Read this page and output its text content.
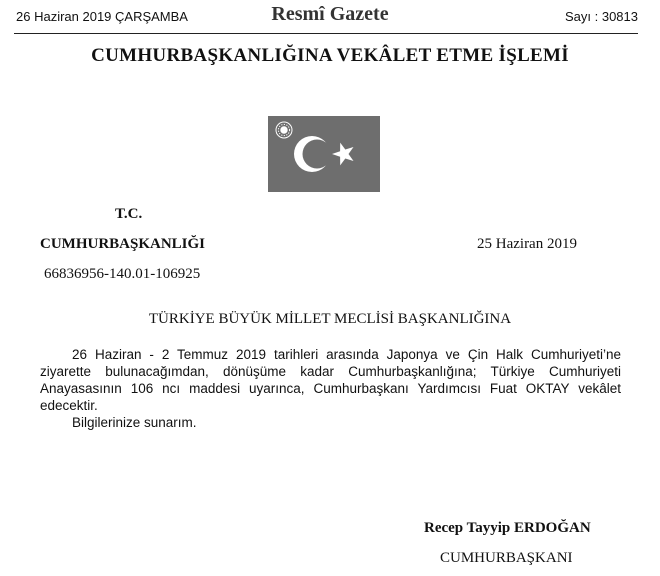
26 Haziran 2019 ÇARŞAMBA	Resmî Gazete	Sayı : 30813
CUMHURBAŞKANLIĞINA VEKÂLET ETME İŞLEMİ
T.C.
CUMHURBAŞKANLIĞI	25 Haziran 2019
66836956-140.01-106925
TÜRKİYE BÜYÜK MİLLET MECLİSİ BAŞKANLIĞINA

26 Haziran - 2 Temmuz 2019 tarihleri arasında Japonya ve Çin Halk Cumhuriyeti’ne ziyarette bulunacağımdan, dönüşüme kadar Cumhurbaşkanlığına; Türkiye Cumhuriyeti Anayasasının 106 ncı maddesi uyarınca, Cumhurbaşkanı Yardımcısı Fuat OKTAY vekâlet edecektir.

Bilgilerinize sunarım.

Recep Tayyip ERDOĞAN
CUMHURBAŞKANI
